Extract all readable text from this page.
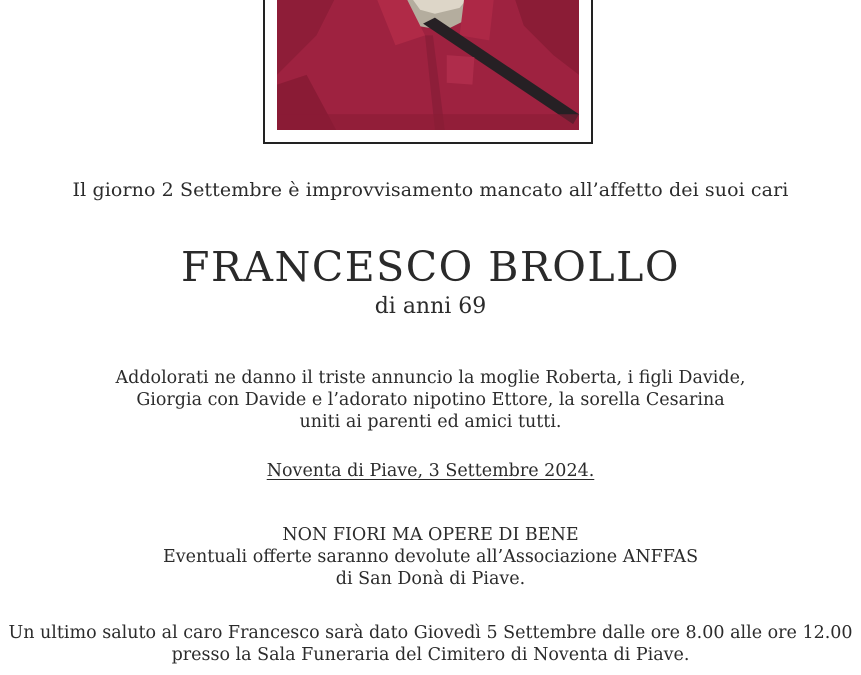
Il giorno 2 Settembre è improvvisamento mancato all’affetto dei suoi cari
FRANCESCO BROLLO
di anni 69
Addolorati ne danno il triste annuncio la moglie Roberta, i figli Davide,
Giorgia con Davide e l’adorato nipotino Ettore, la sorella Cesarina
uniti ai parenti ed amici tutti.
Noventa di Piave, 3 Settembre 2024.
NON FIORI MA OPERE DI BENE
Eventuali offerte saranno devolute all’Associazione ANFFAS
di San Donà di Piave.
Un ultimo saluto al caro Francesco sarà dato Giovedì 5 Settembre dalle ore 8.00 alle ore 12.00
presso la Sala Funeraria del Cimitero di Noventa di Piave.
